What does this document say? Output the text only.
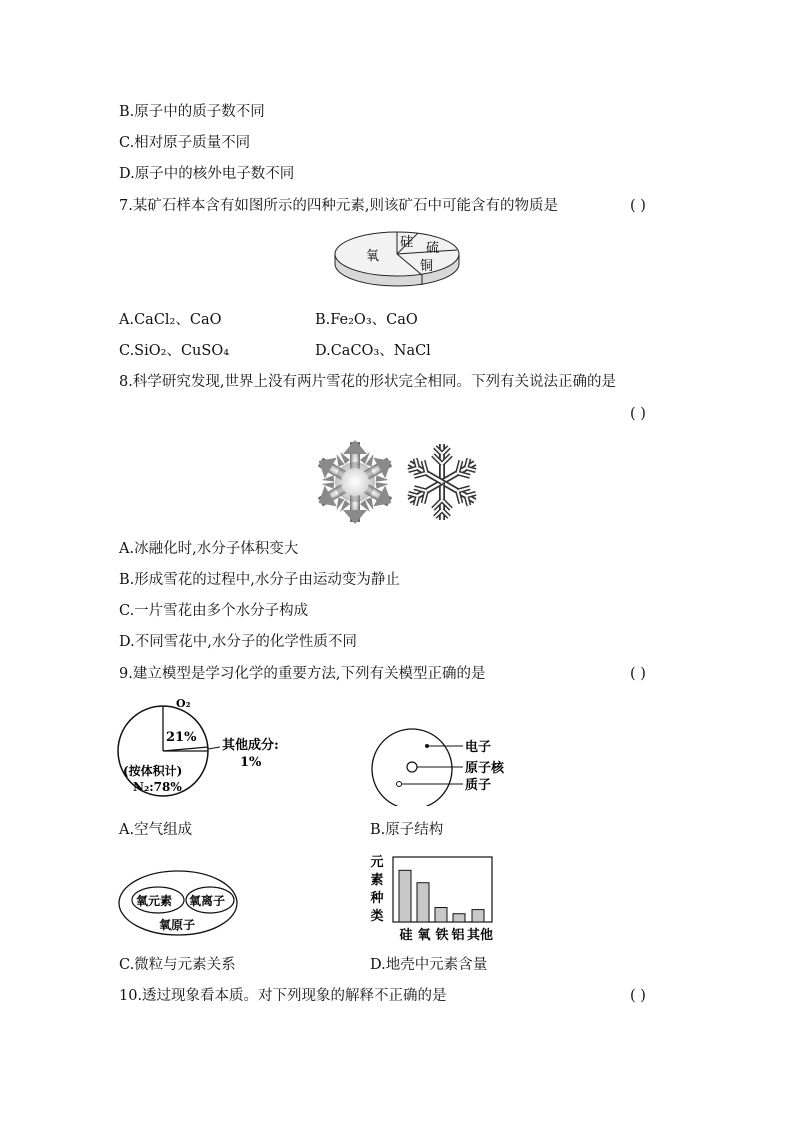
B.原子中的质子数不同
C.相对原子质量不同
D.原子中的核外电子数不同
7.某矿石样本含有如图所示的四种元素,则该矿石中可能含有的物质是	( )
氧
硅 硫
铜
A.CaCl₂、CaO	B.Fe₂O₃、CaO
C.SiO₂、CuSO₄	D.CaCO₃、NaCl
8.科学研究发现,世界上没有两片雪花的形状完全相同。下列有关说法正确的是
( )
A.冰融化时,水分子体积变大
B.形成雪花的过程中,水分子由运动变为静止
C.一片雪花由多个水分子构成
D.不同雪花中,水分子的化学性质不同
9.建立模型是学习化学的重要方法,下列有关模型正确的是	( )
O₂
21%
其他成分:
1%
(按体积计)
N₂:78%
电子
原子核
质子
A.空气组成	B.原子结构
氧元素 氧离子
氧原子
元
素
种
类
硅 氧 铁 铝 其他
C.微粒与元素关系	D.地壳中元素含量
10.透过现象看本质。对下列现象的解释不正确的是	( )
